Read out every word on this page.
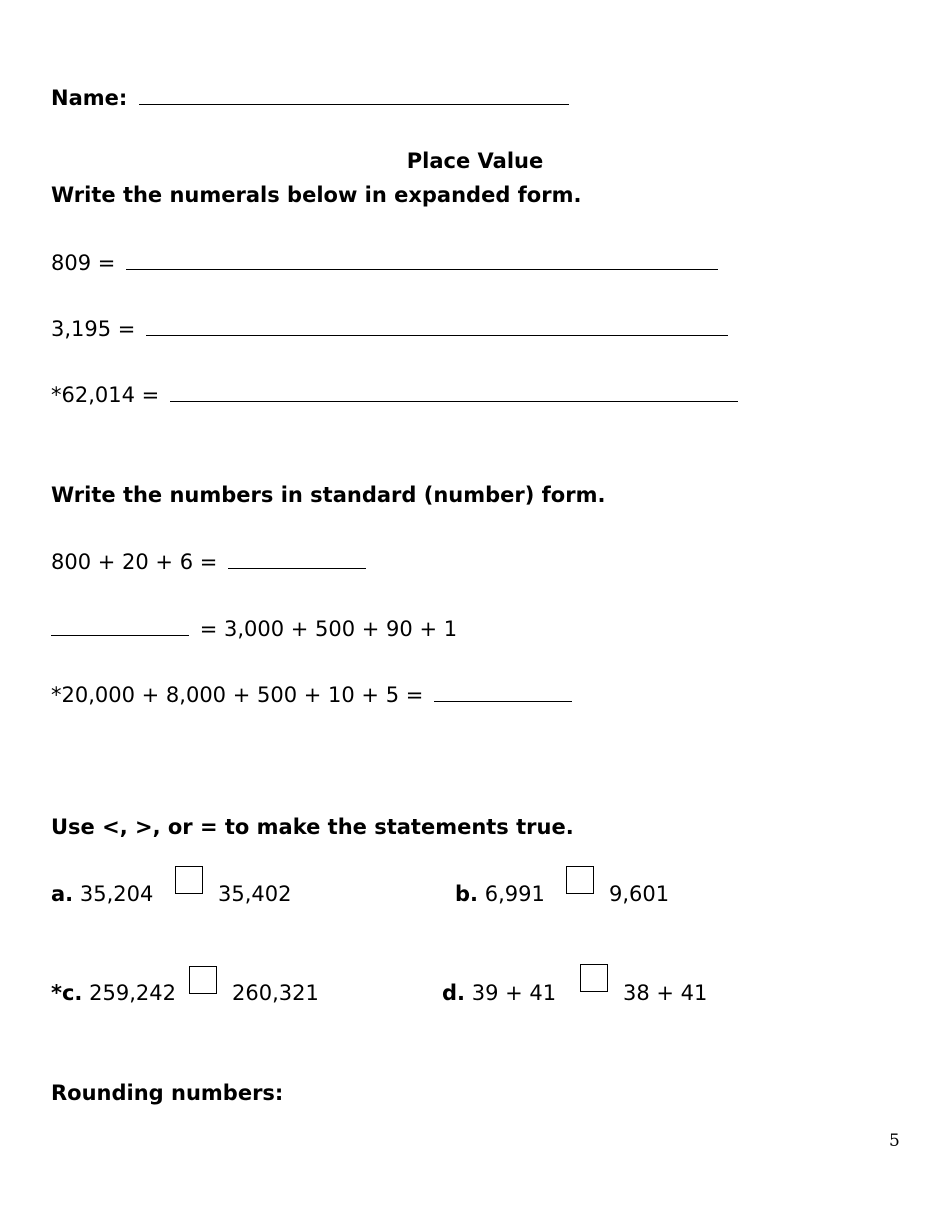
Name:
Place Value
Write the numerals below in expanded form.
809 =
3,195 =
*62,014 =
Write the numbers in standard (number) form.
800 + 20 + 6 =
= 3,000 + 500 + 90 + 1
*20,000 + 8,000 + 500 + 10 + 5 =
Use <, >, or = to make the statements true.
a. 35,204	35,402	b. 6,991	9,601
*c. 259,242	260,321	d. 39 + 41	38 + 41
Rounding numbers:
5
